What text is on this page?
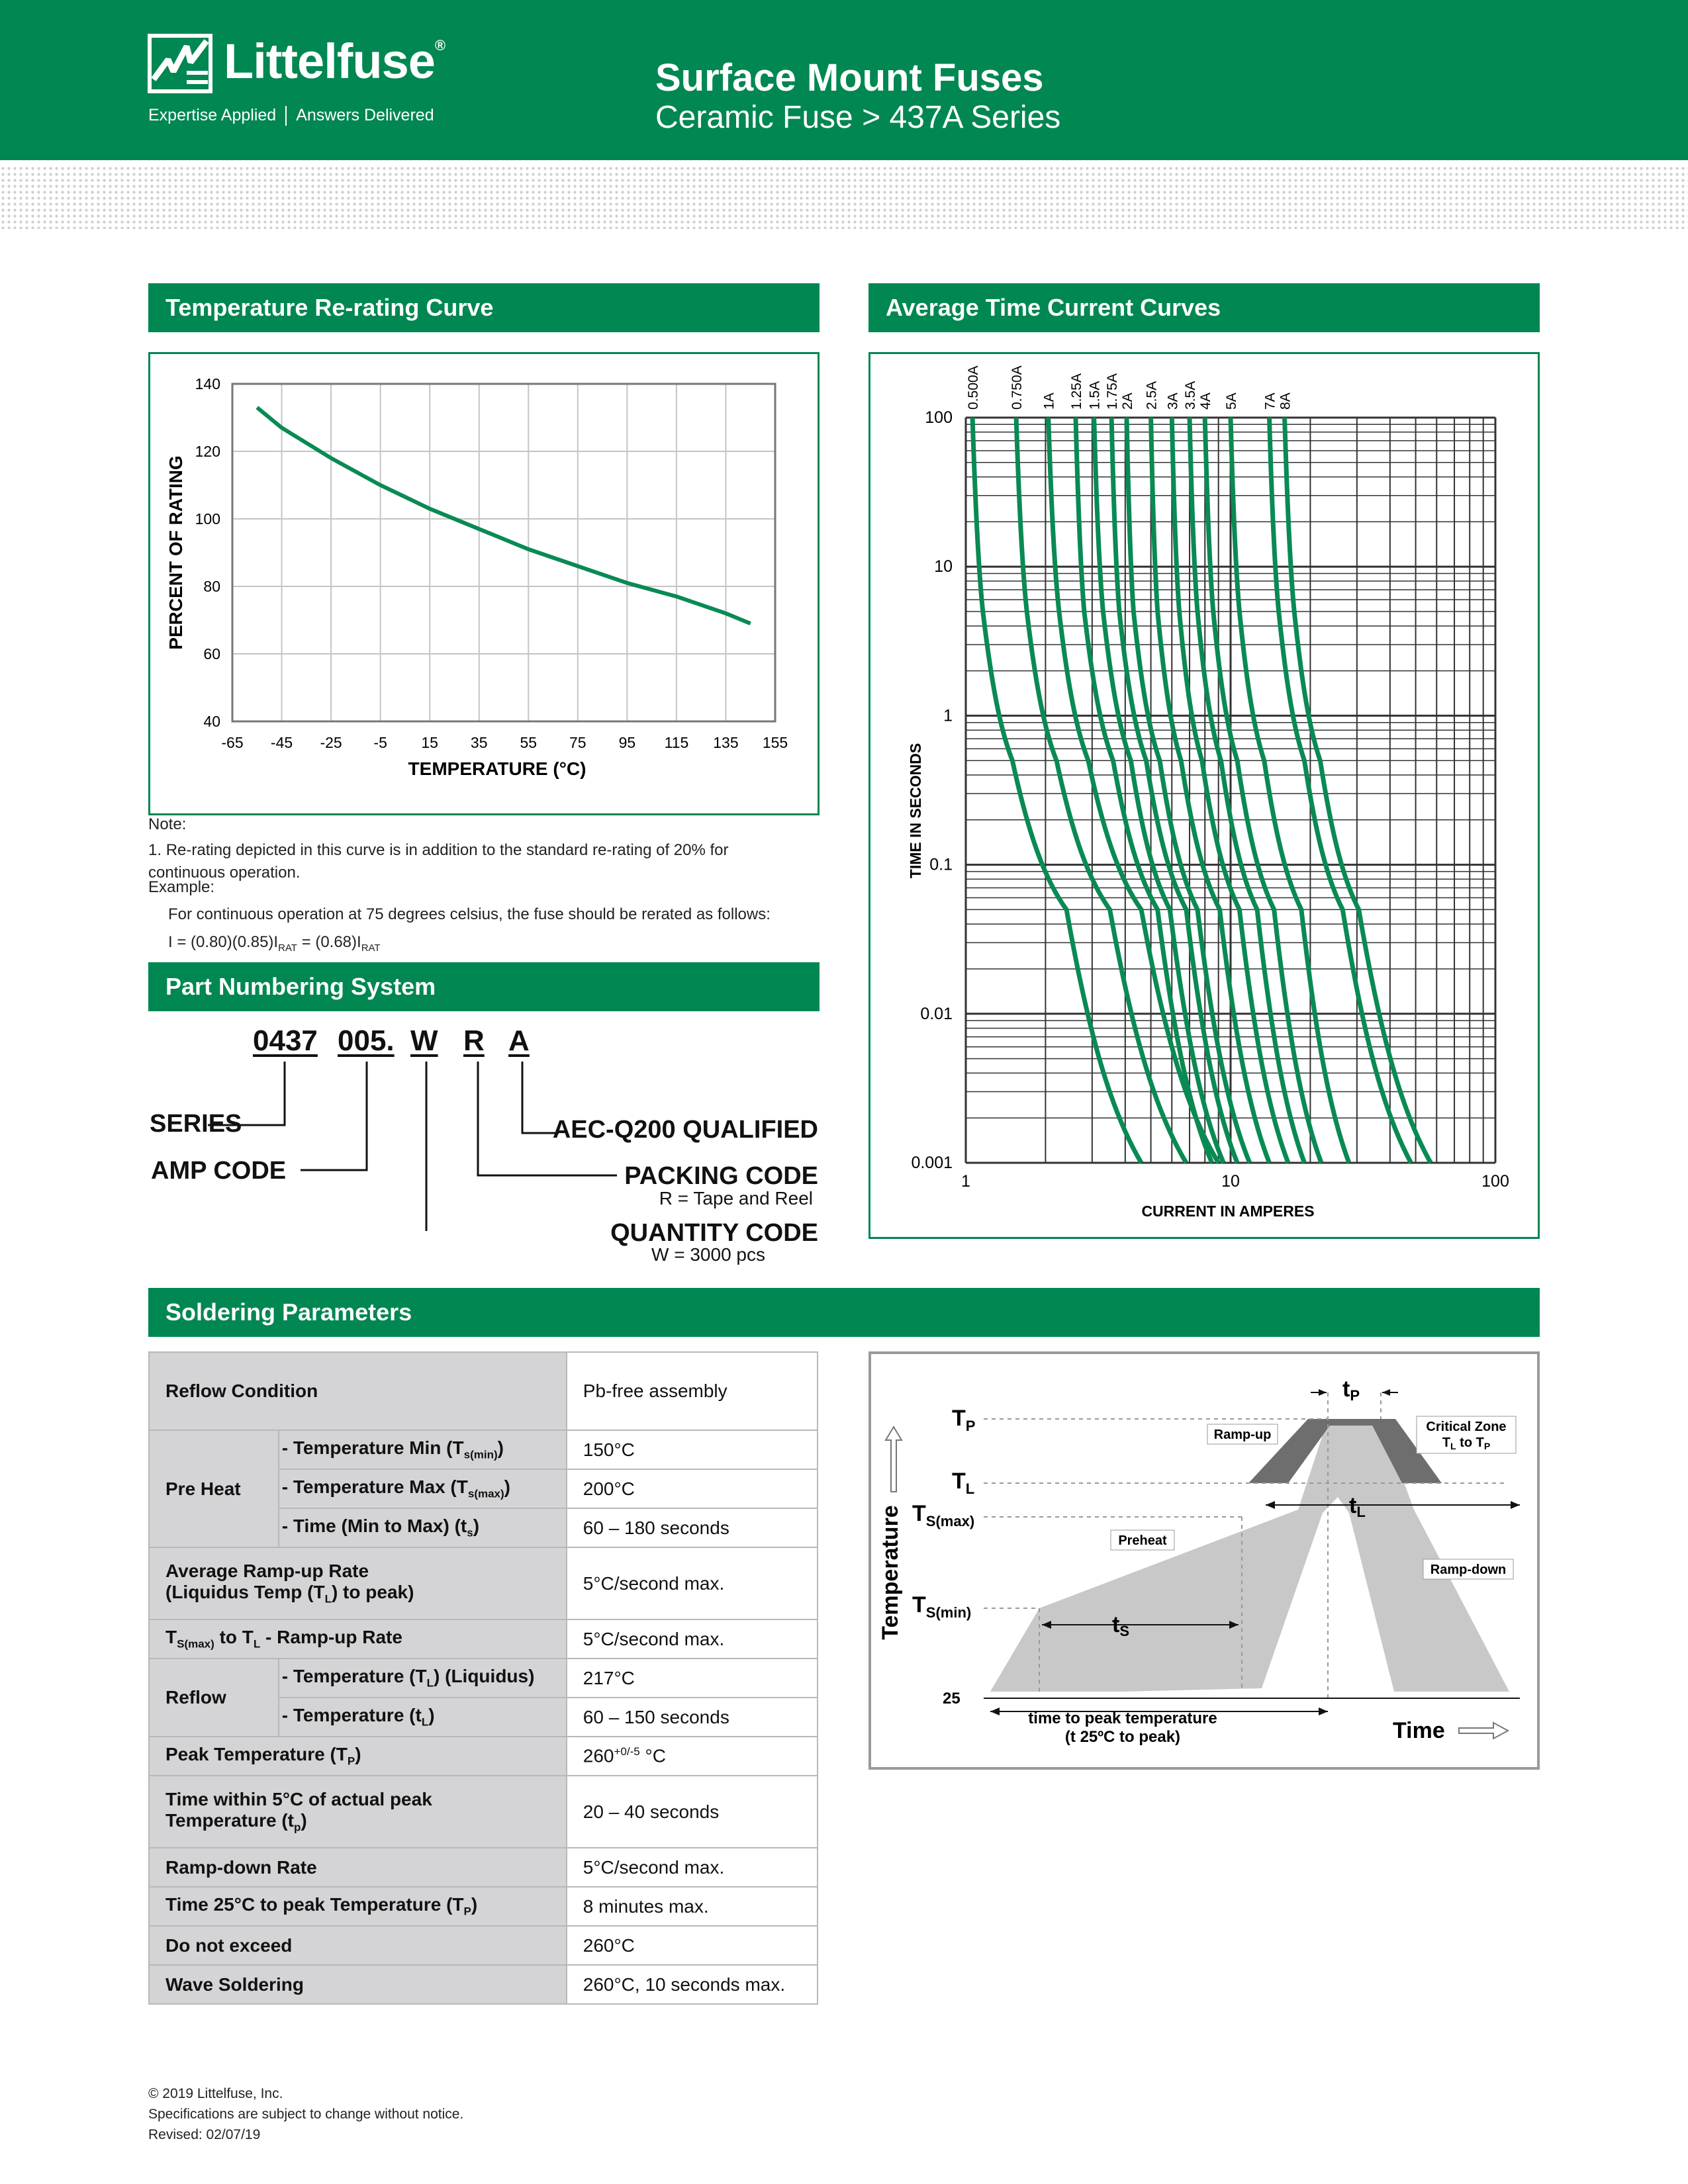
Littelfuse®
Expertise Applied Answers Delivered
Surface Mount Fuses
Ceramic Fuse > 437A Series
Temperature Re-rating Curve
-65 -45 -25 -5 15 35 55 75 95 115 135 155
40
60
80
100
120
140
TEMPERATURE (°C)
PERCENT OF RATING
Note:
1. Re-rating depicted in this curve is in addition to the standard re-rating of 20% for continuous operation.
Example:
For continuous operation at 75 degrees celsius, the fuse should be rerated as follows:
$I = (0.80)(0.85)I_{RAT} = (0.68)I_{RAT}$
Part Numbering System
0437 005. W R A
SERIES
AMP CODE
AEC-Q200 QUALIFIED
PACKING CODE
R = Tape and Reel
QUANTITY CODE
W = 3000 pcs
Average Time Current Curves
100
10
1
0.1
0.01
0.001
1	10	100
0.500A 0.750A 1A 1.25A 1.5A 1.75A 2A 2.5A 3A 3.5A 4A 5A 7A 8A
CURRENT IN AMPERES
TIME IN SECONDS
Soldering Parameters
Reflow Condition		Pb-free assembly
Pre Heat	- Temperature Min $(T_{s(min)})$	150°C
	- Temperature Max $(T_{s(max)})$	200°C
	- Time (Min to Max) $(t_s)$	60 – 180 seconds
Average Ramp-up Rate
(Liquidus Temp $(T_L)$ to peak)		5°C/second max.
$T_{S(max)}$ to $T_L$ - Ramp-up Rate		5°C/second max.
Reflow	- Temperature $(T_L)$ (Liquidus)	217°C
	- Temperature $(t_L)$	60 – 150 seconds
Peak Temperature $(T_P)$		$260^{+0/-5}$ °C
Time within 5°C of actual peak
Temperature $(t_p)$		20 – 40 seconds
Ramp-down Rate		5°C/second max.
Time 25°C to peak Temperature $(T_P)$		8 minutes max.
Do not exceed		260°C
Wave Soldering		260°C, 10 seconds max.
$T_P$
$T_L$
$T_{S(max)}$
$T_{S(min)}$
25
Temperature
Time
tP
tL
tS
Ramp-up
Ramp-down
Preheat
Critical Zone
$T_L$ to $T_P$
time to peak temperature
(t 25ºC to peak)
© 2019 Littelfuse, Inc.
Specifications are subject to change without notice.
Revised: 02/07/19
